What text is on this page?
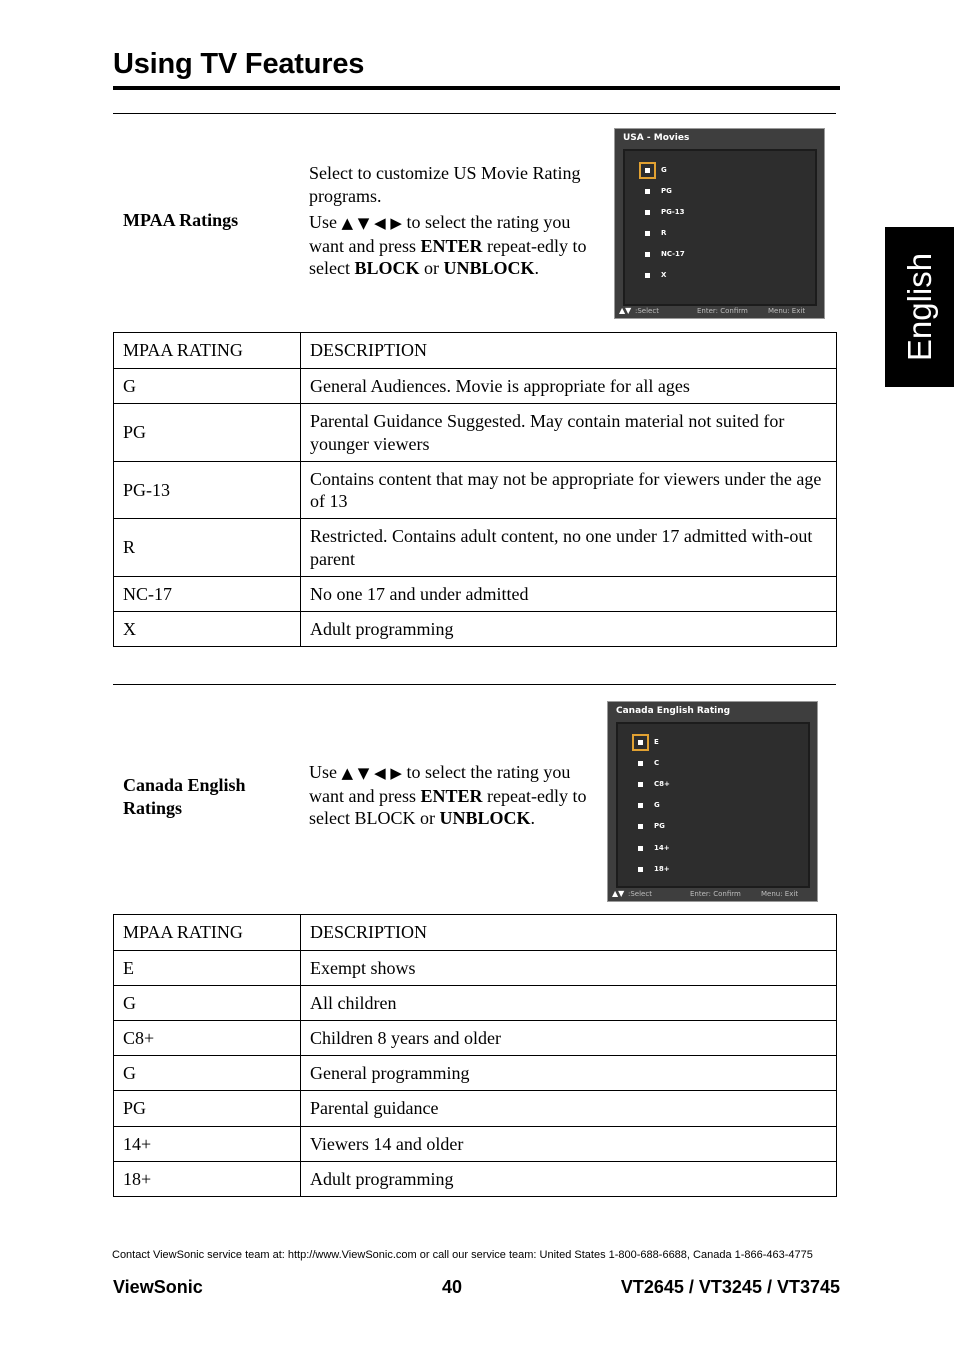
Using TV Features
English
MPAA Ratings

Select to customize US Movie Rating programs.

Use ▲ ▼ ◀ ▶ to select the rating you want and press ENTER repeat-edly to select BLOCK or UNBLOCK.

USA - Movies
G
PG
PG-13
R
NC-17
X
▲▼ :Select	Enter: Confirm	Menu: Exit
MPAA RATING	DESCRIPTION
G	General Audiences. Movie is appropriate for all ages
PG	Parental Guidance Suggested. May contain material not suited for younger viewers
PG-13	Contains content that may not be appropriate for viewers under the age of 13
R	Restricted. Contains adult content, no one under 17 admitted with-out parent
NC-17	No one 17 and under admitted
X	Adult programming
Canada English Ratings

Use ▲ ▼ ◀ ▶ to select the rating you want and press ENTER repeat-edly to select BLOCK or UNBLOCK.

Canada English Rating
E
C
C8+
G
PG
14+
18+
▲▼ :Select	Enter: Confirm	Menu: Exit
MPAA RATING	DESCRIPTION
E	Exempt shows
G	All children
C8+	Children 8 years and older
G	General programming
PG	Parental guidance
14+	Viewers 14 and older
18+	Adult programming
Contact ViewSonic service team at: http://www.ViewSonic.com or call our service team: United States 1-800-688-6688, Canada 1-866-463-4775
ViewSonic	40	VT2645 / VT3245 / VT3745
